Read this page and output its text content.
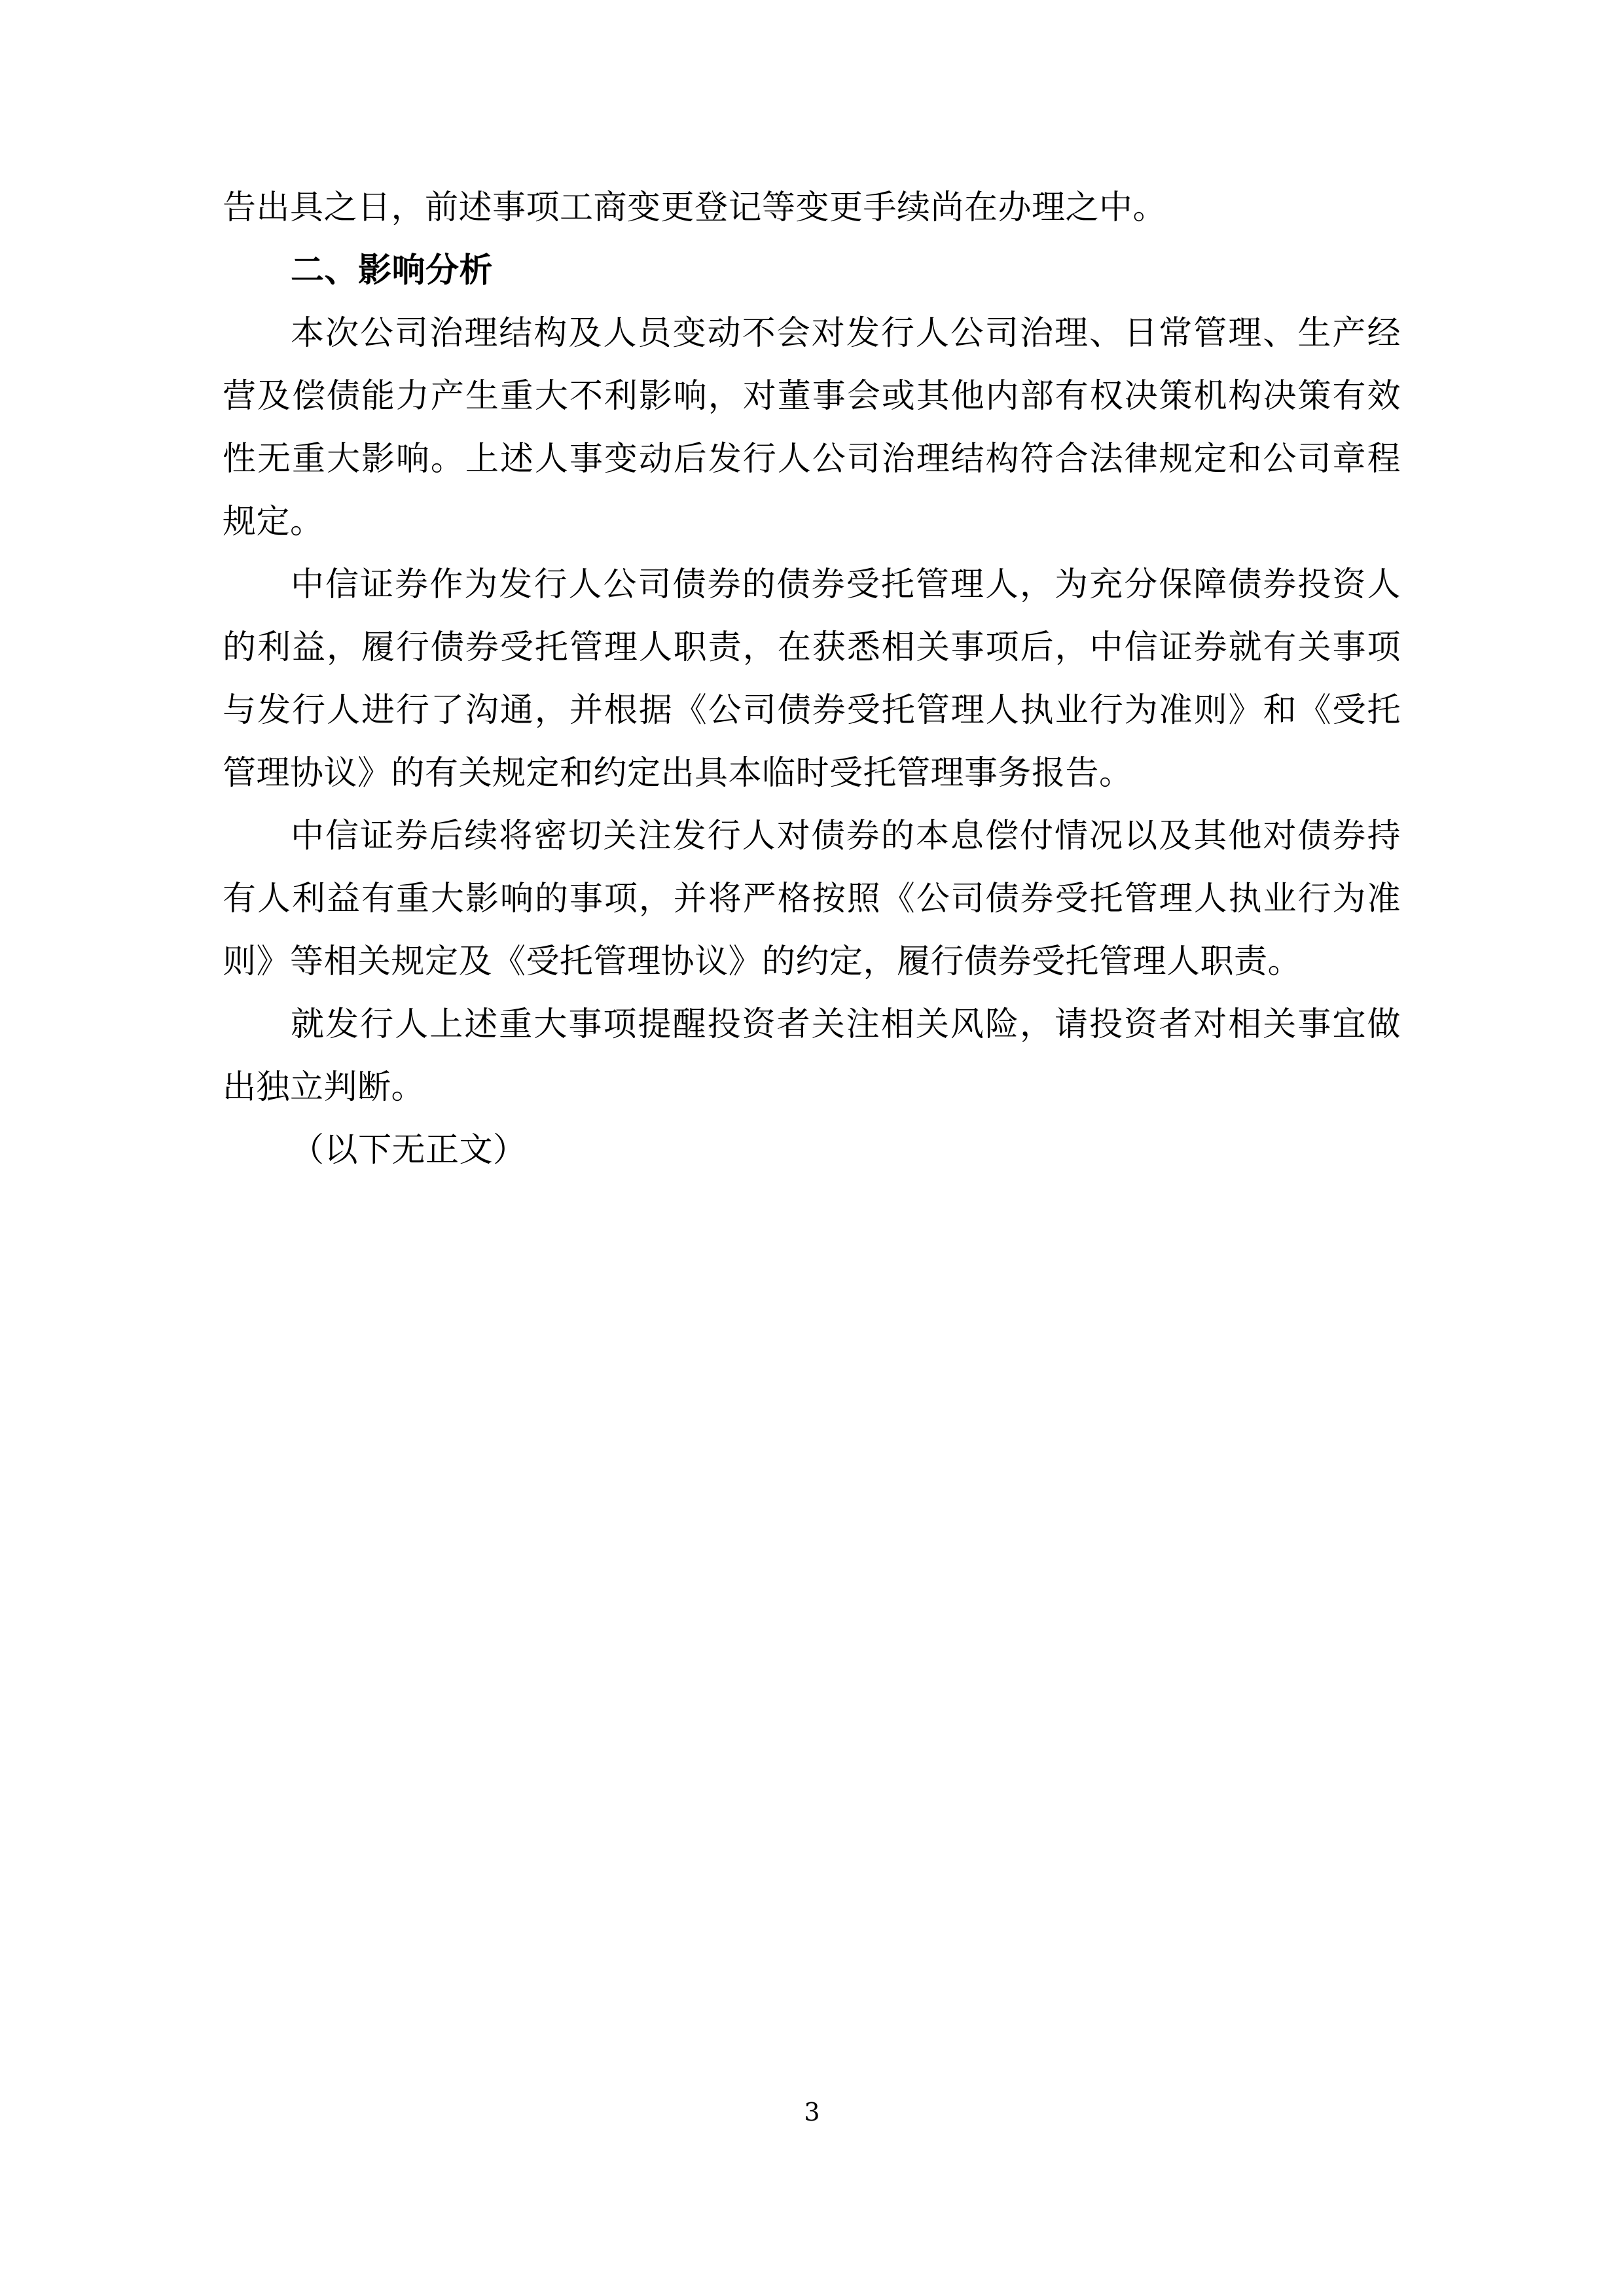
告出具之日，前述事项工商变更登记等变更手续尚在办理之中。

二、影响分析

本次公司治理结构及人员变动不会对发行人公司治理、日常管理、生产经营及偿债能力产生重大不利影响，对董事会或其他内部有权决策机构决策有效性无重大影响。上述人事变动后发行人公司治理结构符合法律规定和公司章程规定。

中信证券作为发行人公司债券的债券受托管理人，为充分保障债券投资人的利益，履行债券受托管理人职责，在获悉相关事项后，中信证券就有关事项与发行人进行了沟通，并根据《公司债券受托管理人执业行为准则》和《受托管理协议》的有关规定和约定出具本临时受托管理事务报告。

中信证券后续将密切关注发行人对债券的本息偿付情况以及其他对债券持有人利益有重大影响的事项，并将严格按照《公司债券受托管理人执业行为准则》等相关规定及《受托管理协议》的约定，履行债券受托管理人职责。

就发行人上述重大事项提醒投资者关注相关风险，请投资者对相关事宜做出独立判断。

（以下无正文）

3
